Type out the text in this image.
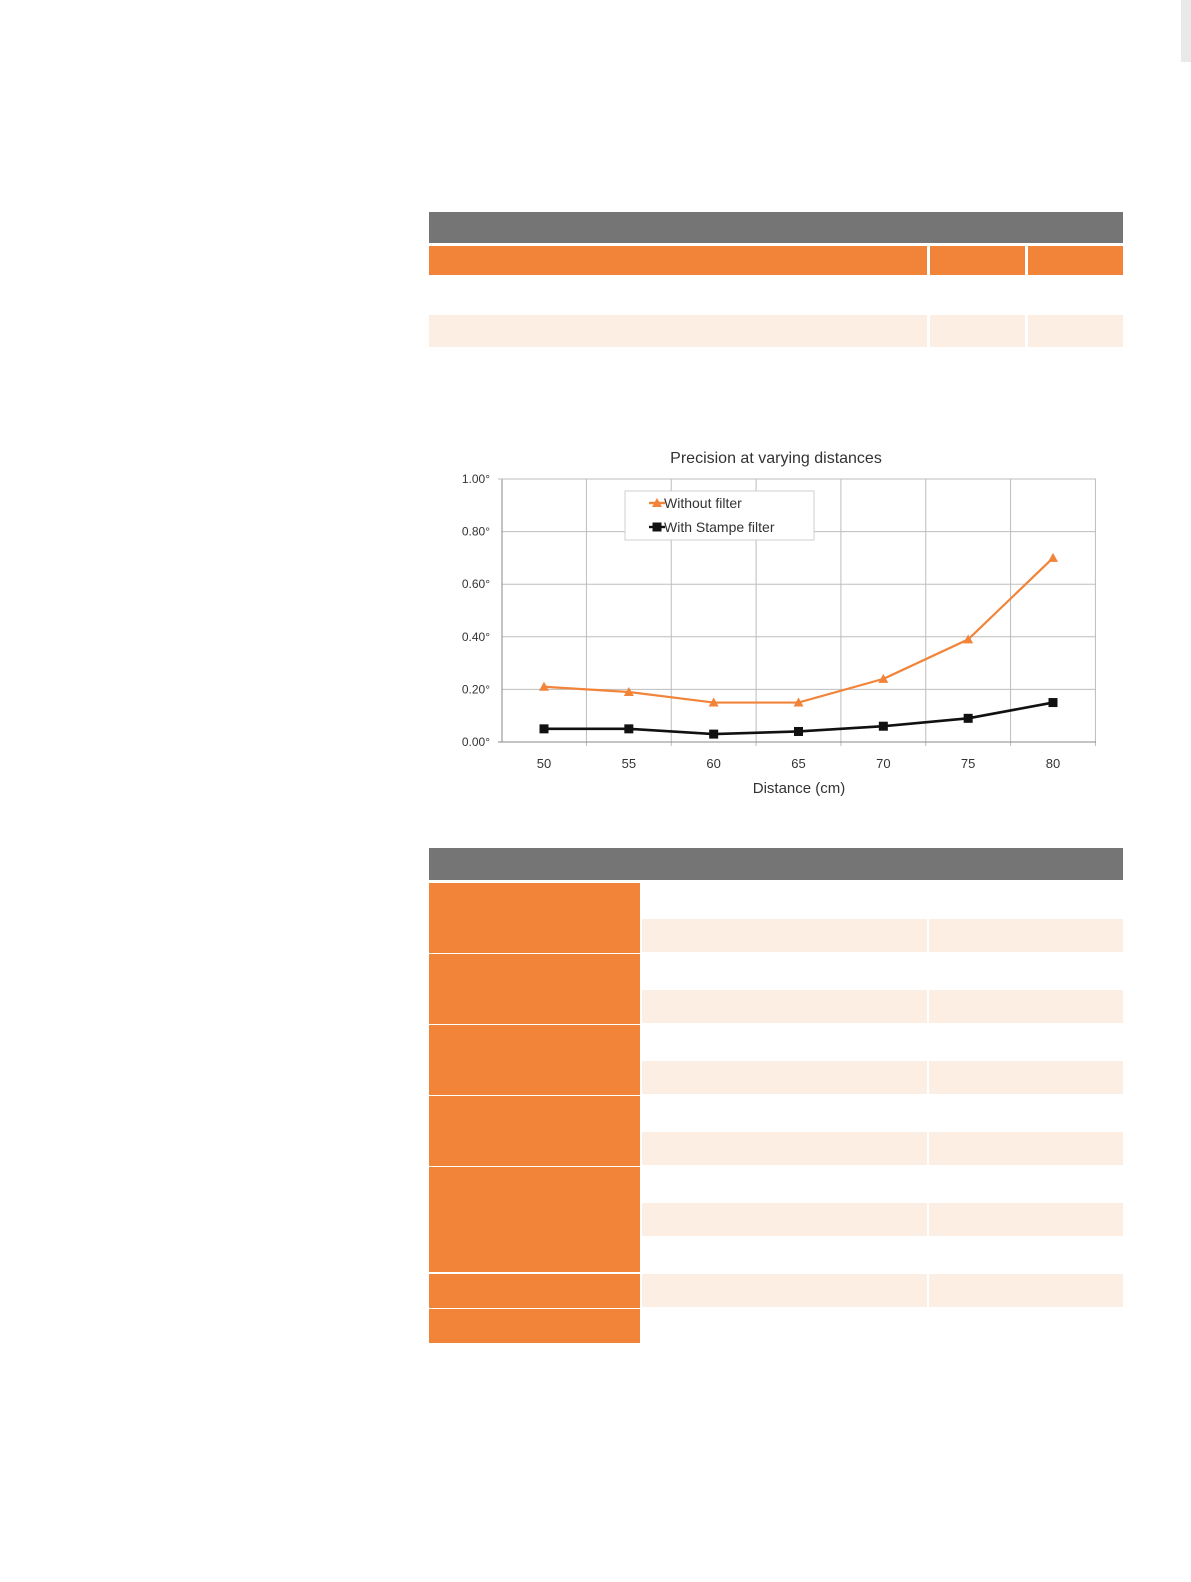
Precision at varying distances
0.00°
0.20°
0.40°
0.60°
0.80°
1.00°
50	55	60	65	70	75	80
Distance (cm)
Without filter
With Stampe filter
